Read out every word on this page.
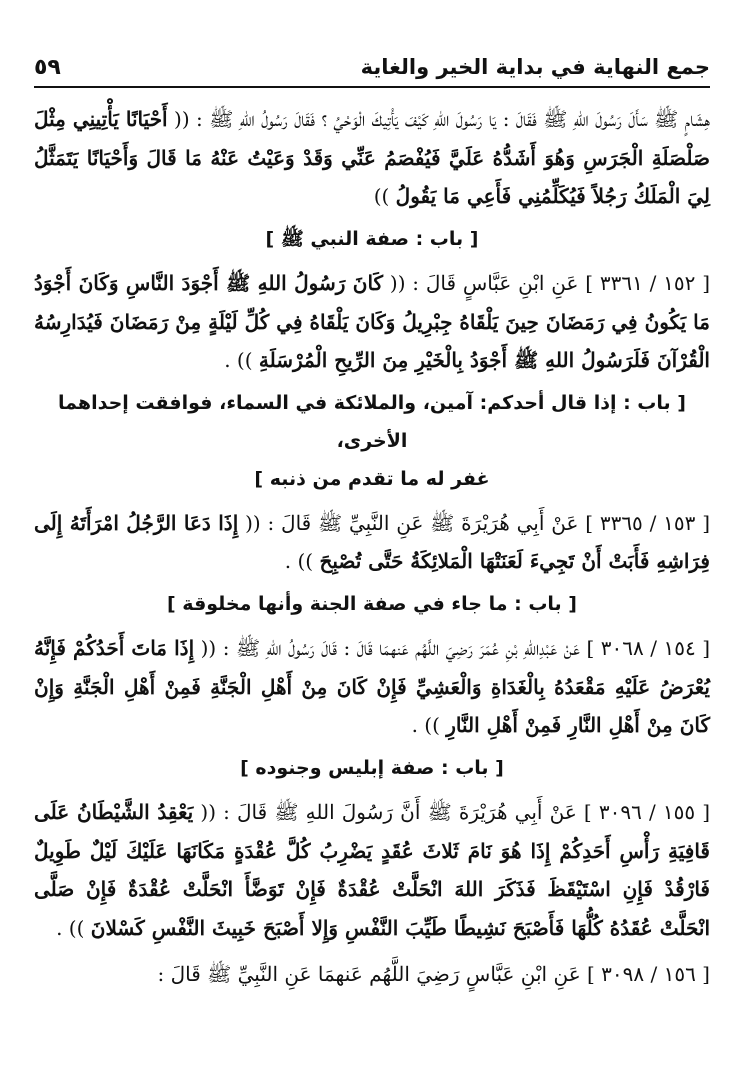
جمع النهاية في بداية الخير والغاية
٥٩

هِشَامٍ ﷺ سَأَلَ رَسُولَ اللهِ ﷺ فَقَالَ : يَا رَسُولَ اللهِ كَيْفَ يَأْتِيكَ الْوَحْيُ ؟ فَقَالَ رَسُولُ اللهِ ﷺ : (( أَحْيَانًا يَأْتِينِي مِثْلَ صَلْصَلَةِ الْجَرَسِ وَهُوَ أَشَدُّهُ عَلَيَّ فَيُفْصَمُ عَنِّي وَقَدْ وَعَيْتُ عَنْهُ مَا قَالَ وَأَحْيَانًا يَتَمَثَّلُ لِيَ الْمَلَكُ رَجُلاً فَيُكَلِّمُنِي فَأَعِي مَا يَقُولُ ))

[ باب : صفة النبي ﷺ ]

[ ١٥٢ / ٣٣٦١ ] عَنِ ابْنِ عَبَّاسٍ قَالَ : (( كَانَ رَسُولُ اللهِ ﷺ أَجْوَدَ النَّاسِ وَكَانَ أَجْوَدُ مَا يَكُونُ فِي رَمَضَانَ حِينَ يَلْقَاهُ جِبْرِيلُ وَكَانَ يَلْقَاهُ فِي كُلِّ لَيْلَةٍ مِنْ رَمَضَانَ فَيُدَارِسُهُ الْقُرْآنَ فَلَرَسُولُ اللهِ ﷺ أَجْوَدُ بِالْخَيْرِ مِنَ الرِّيحِ الْمُرْسَلَةِ )) .

[ باب : إذا قال أحدكم: آمين، والملائكة في السماء، فوافقت إحداهما الأخرى،
غفر له ما تقدم من ذنبه ]

[ ١٥٣ / ٣٣٦٥ ] عَنْ أَبِي هُرَيْرَةَ ﷺ عَنِ النَّبِيِّ ﷺ قَالَ : (( إِذَا دَعَا الرَّجُلُ امْرَأَتَهُ إِلَى فِرَاشِهِ فَأَبَتْ أَنْ تَجِيءَ لَعَنَتْهَا الْمَلائِكَةُ حَتَّى تُصْبِحَ )) .

[ باب : ما جاء في صفة الجنة وأنها مخلوقة ]

[ ١٥٤ / ٣٠٦٨ ] عَنْ عَبْدِاللهِ بْنِ عُمَرَ رَضِيَ اللَّهُم عَنهمَا قَالَ : قَالَ رَسُولُ اللهِ ﷺ : (( إِذَا مَاتَ أَحَدُكُمْ فَإِنَّهُ يُعْرَضُ عَلَيْهِ مَقْعَدُهُ بِالْغَدَاةِ وَالْعَشِيِّ فَإِنْ كَانَ مِنْ أَهْلِ الْجَنَّةِ فَمِنْ أَهْلِ الْجَنَّةِ وَإِنْ كَانَ مِنْ أَهْلِ النَّارِ فَمِنْ أَهْلِ النَّارِ )) .

[ باب : صفة إبليس وجنوده ]

[ ١٥٥ / ٣٠٩٦ ] عَنْ أَبِي هُرَيْرَةَ ﷺ أَنَّ رَسُولَ اللهِ ﷺ قَالَ : (( يَعْقِدُ الشَّيْطَانُ عَلَى قَافِيَةِ رَأْسِ أَحَدِكُمْ إِذَا هُوَ نَامَ ثَلاثَ عُقَدٍ يَضْرِبُ كُلَّ عُقْدَةٍ مَكَانَهَا عَلَيْكَ لَيْلٌ طَوِيلٌ فَارْقُدْ فَإِنِ اسْتَيْقَظَ فَذَكَرَ اللهَ انْحَلَّتْ عُقْدَةٌ فَإِنْ تَوَضَّأَ انْحَلَّتْ عُقْدَةٌ فَإِنْ صَلَّى انْحَلَّتْ عُقَدُهُ كُلُّهَا فَأَصْبَحَ نَشِيطًا طَيِّبَ النَّفْسِ وَإِلا أَصْبَحَ خَبِيثَ النَّفْسِ كَسْلانَ )) .

[ ١٥٦ / ٣٠٩٨ ] عَنِ ابْنِ عَبَّاسٍ رَضِيَ اللَّهُم عَنهمَا عَنِ النَّبِيِّ ﷺ قَالَ :
